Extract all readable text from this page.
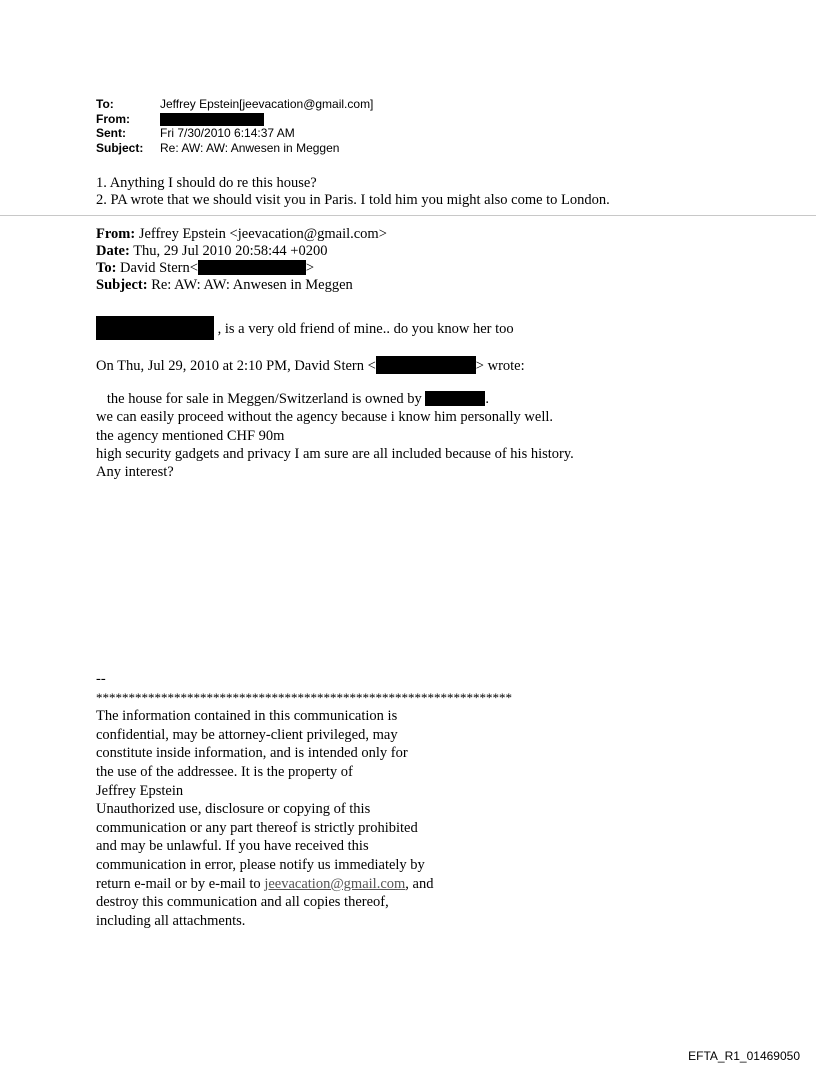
To:	Jeffrey Epstein[jeevacation@gmail.com]
From:
Sent:	Fri 7/30/2010 6:14:37 AM
Subject:	Re: AW: AW: Anwesen in Meggen
1. Anything I should do re this house?
2. PA wrote that we should visit you in Paris. I told him you might also come to London.
From: Jeffrey Epstein <jeevacation@gmail.com>
Date: Thu, 29 Jul 2010 20:58:44 +0200
To: David Stern<	>
Subject: Re: AW: AW: Anwesen in Meggen
, is a very old friend of mine.. do you know her too
On Thu, Jul 29, 2010 at 2:10 PM, David Stern <	> wrote:
the house for sale in Meggen/Switzerland is owned by	.
we can easily proceed without the agency because i know him personally well.
the agency mentioned CHF 90m
high security gadgets and privacy I am sure are all included because of his history.
Any interest?
--
****************************************************************
The information contained in this communication is
confidential, may be attorney-client privileged, may
constitute inside information, and is intended only for
the use of the addressee. It is the property of
Jeffrey Epstein
Unauthorized use, disclosure or copying of this
communication or any part thereof is strictly prohibited
and may be unlawful. If you have received this
communication in error, please notify us immediately by
return e-mail or by e-mail to jeevacation@gmail.com, and
destroy this communication and all copies thereof,
including all attachments.
EFTA_R1_01469050
